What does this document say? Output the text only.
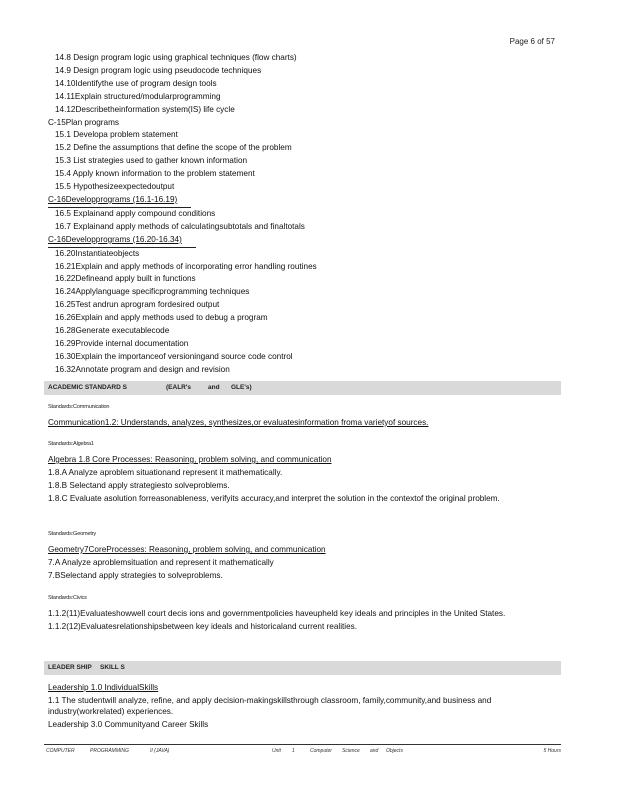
Page 6 of 57
14.8 Design program logic using graphical techniques (flow charts)
14.9 Design program logic using pseudocode techniques
14.10Identifythe use of program design tools
14.11Explain structured/modularprogramming
14.12Describetheinformation system(IS) life cycle
C-15Plan programs
15.1 Developa problem statement
15.2 Define the assumptions that define the scope of the problem
15.3 List strategies used to gather known information
15.4 Apply known information to the problem statement
15.5 Hypothesizeexpectedoutput
C-16Developprograms (16.1-16.19)
16.5 Explainand apply compound conditions
16.7 Explainand apply methods of calculatingsubtotals and finaltotals
C-16Developprograms (16.20-16.34)
16.20Instantiateobjects
16.21Explain and apply methods of incorporating error handling routines
16.22Defineand apply built in functions
16.24Applylanguage specificprogramming techniques
16.25Test andrun aprogram fordesired output
16.26Explain and apply methods used to debug a program
16.28Generate executablecode
16.29Provide internal documentation
16.30Explain the importanceof versioningand source code control
16.32Annotate program and design and revision
ACADEMIC STANDARD S	(EALR's	and GLE's)
Standards:Communication
Communication1.2: Understands, analyzes, synthesizes,or evaluatesinformation froma varietyof sources.
Standards:Algebra1
Algebra 1.8 Core Processes: Reasoning, problem solving, and communication
1.8.A Analyze aproblem situationand represent it mathematically.
1.8.B Selectand apply strategiesto solveproblems.
1.8.C Evaluate asolution forreasonableness, verifyits accuracy,and interpret the solution in the contextof the original problem.
Standards:Geometry
Geometry7CoreProcesses: Reasoning, problem solving, and communication
7.A Analyze aproblemsituation and represent it mathematically
7.BSelectand apply strategies to solveproblems.
Standards:Civics
1.1.2(11)Evaluateshowwell court decis ions and governmentpolicies haveupheld key ideals and principles in the United States.
1.1.2(12)Evaluatesrelationshipsbetween key ideals and historicaland current realities.
LEADER SHIP SKILL S
Leadership 1.0 IndividualSkills
1.1 The studentwill analyze, refine, and apply decision-makingskillsthrough classroom, family,community,and business and industry(workrelated) experiences.
Leadership 3.0 Communityand Career Skills
COMPUTER	PROGRAMMING	II (JAVA)	Unit 1	Computer Science and Objects	5 Hours
